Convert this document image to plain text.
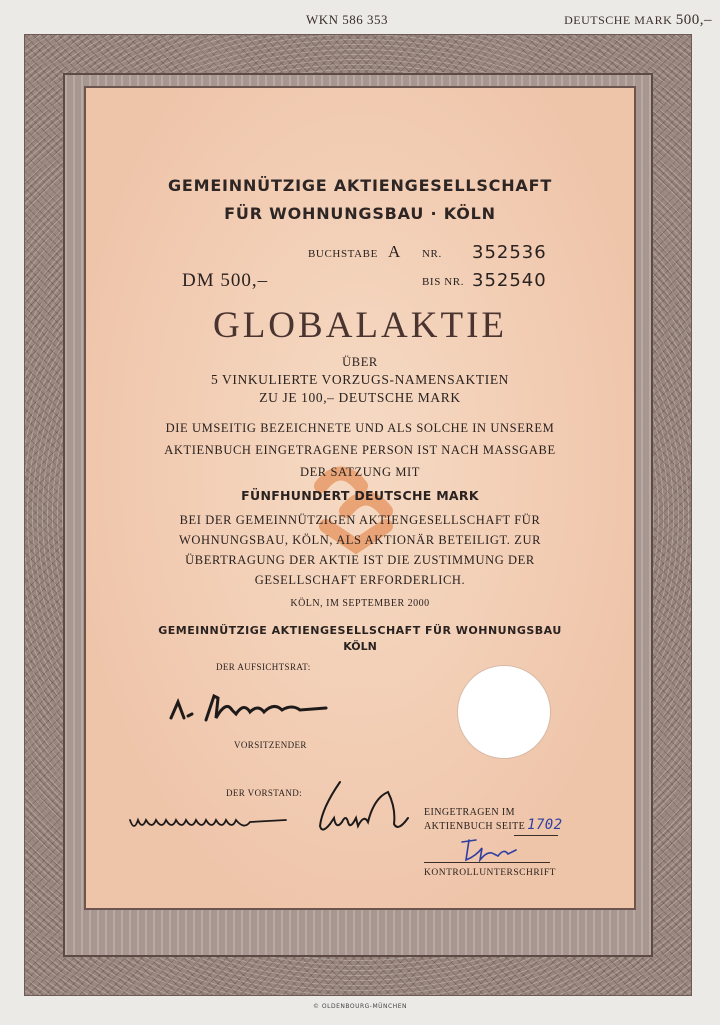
WKN 586 353	DEUTSCHE MARK 500,–
GEMEINNÜTZIGE AKTIENGESELLSCHAFT
FÜR WOHNUNGSBAU · KÖLN
BUCHSTABE A NR. 352536
DM 500,–	BIS NR. 352540
GLOBALAKTIE
ÜBER
5 VINKULIERTE VORZUGS-NAMENSAKTIEN
ZU JE 100,– DEUTSCHE MARK
DIE UMSEITIG BEZEICHNETE UND ALS SOLCHE IN UNSEREM
AKTIENBUCH EINGETRAGENE PERSON IST NACH MASSGABE
DER SATZUNG MIT
FÜNFHUNDERT DEUTSCHE MARK
BEI DER GEMEINNÜTZIGEN AKTIENGESELLSCHAFT FÜR
WOHNUNGSBAU, KÖLN, ALS AKTIONÄR BETEILIGT. ZUR
ÜBERTRAGUNG DER AKTIE IST DIE ZUSTIMMUNG DER
GESELLSCHAFT ERFORDERLICH.
KÖLN, IM SEPTEMBER 2000
GEMEINNÜTZIGE AKTIENGESELLSCHAFT FÜR WOHNUNGSBAU
KÖLN
DER AUFSICHTSRAT:
VORSITZENDER
DER VORSTAND:
EINGETRAGEN IM
AKTIENBUCH SEITE 1702
KONTROLLUNTERSCHRIFT
© OLDENBOURG-MÜNCHEN
